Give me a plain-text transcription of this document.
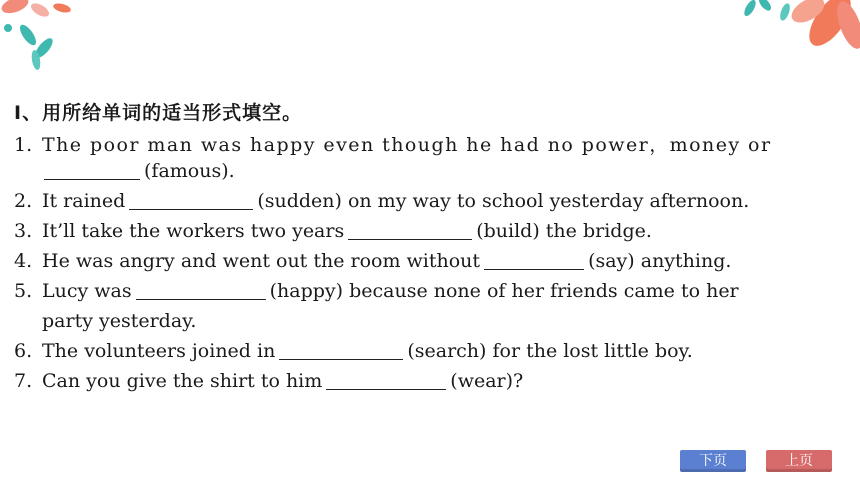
Ⅰ、用所给单词的适当形式填空。
1. The poor man was happy even though he had no power，money or
(famous).
2. It rained	(sudden) on my way to school yesterday afternoon.
3. It’ll take the workers two years	(build) the bridge.
4. He was angry and went out the room without	(say) anything.
5. Lucy was	(happy) because none of her friends came to her
party yesterday.
6. The volunteers joined in	(search) for the lost little boy.
7. Can you give the shirt to him	(wear)?
下页	上页
